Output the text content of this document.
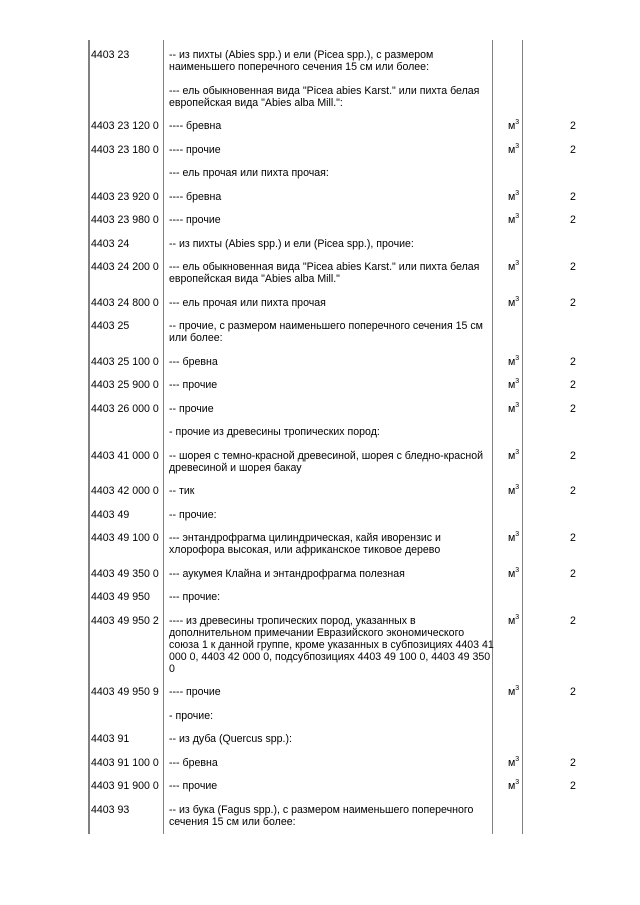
4403 23	-- из пихты (Abies spp.) и ели (Picea spp.), с размером наименьшего поперечного сечения 15 см или более:		
	--- ель обыкновенная вида "Picea abies Karst." или пихта белая европейская вида "Abies alba Mill.":		
4403 23 120 0	---- бревна	$м^3$	2
4403 23 180 0	---- прочие	$м^3$	2
	--- ель прочая или пихта прочая:		
4403 23 920 0	---- бревна	$м^3$	2
4403 23 980 0	---- прочие	$м^3$	2
4403 24	-- из пихты (Abies spp.) и ели (Picea spp.), прочие:		
4403 24 200 0	--- ель обыкновенная вида "Picea abies Karst." или пихта белая европейская вида "Abies alba Mill."	$м^3$	2
4403 24 800 0	--- ель прочая или пихта прочая	$м^3$	2
4403 25	-- прочие, с размером наименьшего поперечного сечения 15 см или более:		
4403 25 100 0	--- бревна	$м^3$	2
4403 25 900 0	--- прочие	$м^3$	2
4403 26 000 0	-- прочие	$м^3$	2
	- прочие из древесины тропических пород:		
4403 41 000 0	-- шорея с темно-красной древесиной, шорея с бледно-красной древесиной и шорея бакау	$м^3$	2
4403 42 000 0	-- тик	$м^3$	2
4403 49	-- прочие:		
4403 49 100 0	--- энтандрофрагма цилиндрическая, кайя иворензис и хлорофора высокая, или африканское тиковое дерево	$м^3$	2
4403 49 350 0	--- аукумея Клайна и энтандрофрагма полезная	$м^3$	2
4403 49 950	--- прочие:		
4403 49 950 2	---- из древесины тропических пород, указанных в дополнительном примечании Евразийского экономического союза 1 к данной группе, кроме указанных в субпозициях 4403 41 000 0, 4403 42 000 0, подсубпозициях 4403 49 100 0, 4403 49 350 0	$м^3$	2
4403 49 950 9	---- прочие	$м^3$	2
	- прочие:		
4403 91	-- из дуба (Quercus spp.):		
4403 91 100 0	--- бревна	$м^3$	2
4403 91 900 0	--- прочие	$м^3$	2
4403 93	-- из бука (Fagus spp.), с размером наименьшего поперечного сечения 15 см или более:		
